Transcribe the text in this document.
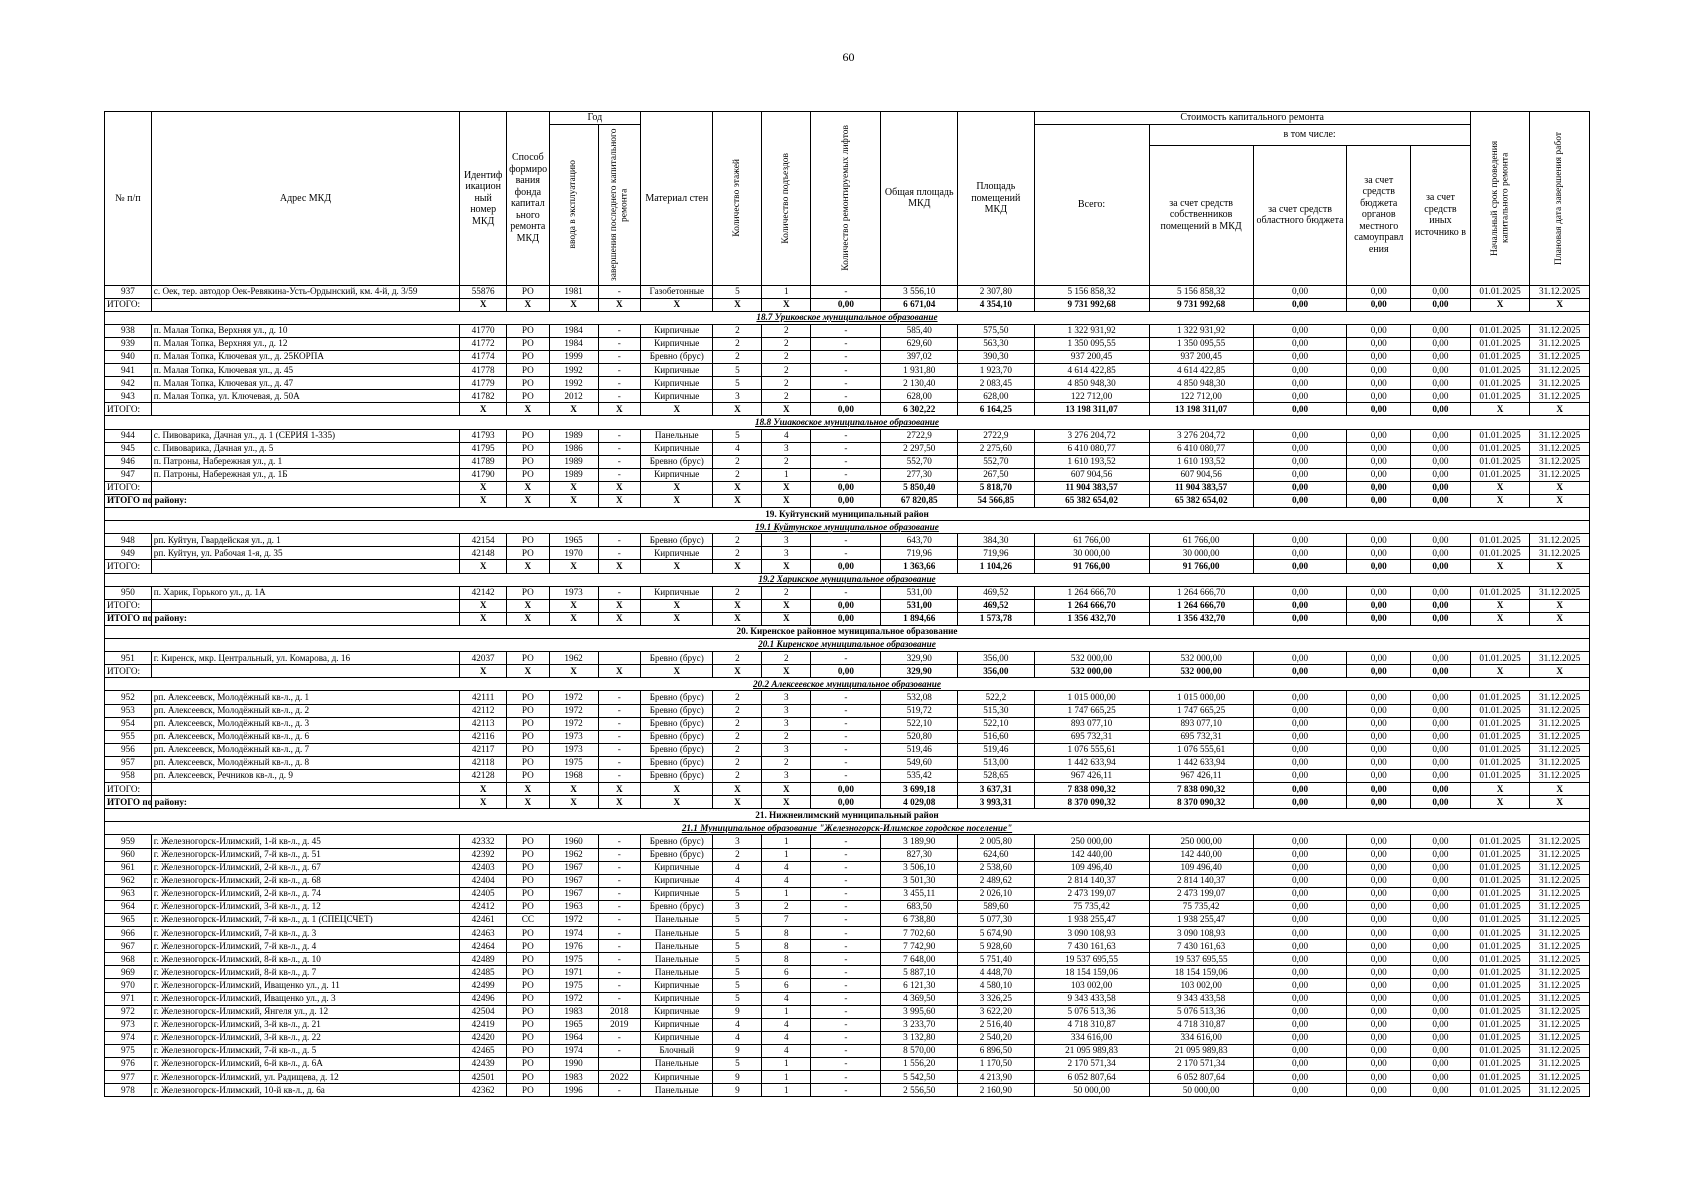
60
№ п/п	Адрес МКД	Идентиф икацион ный номер МКД	Способ формиро вания фонда капитал ьного ремонта МКД	Год		Материал стен	Количество этажей	Количество подъездов	Количество ремонтируемых лифтов	Общая площадь МКД	Площадь помещений МКД	Стоимость капитального ремонта					Начальный срок проведения капитального ремонта	Плановая дата завершения работ

				ввода в эксплуатацию	завершения последнего капитального ремонта							Всего:	в том числе:					
													за счет средств собственников помещений в МКД	за счет средств областного бюджета	за счет средств бюджета органов местного самоуправл ения	за счет средств иных источнико в		
937	с. Оек, тер. автодор Оек-Ревякина-Усть-Ордынский, км. 4-й, д. 3/59	55876	РО	1981	-	Газобетонные	5	1	-	3 556,10	2 307,80	5 156 858,32	5 156 858,32	0,00	0,00	0,00	01.01.2025	31.12.2025
ИТОГО:		X	X	X	X	X	X	X	0,00	6 671,04	4 354,10	9 731 992,68	9 731 992,68	0,00	0,00	0,00	X	X
18.7 Уриковское муниципальное образование																		
938	п. Малая Топка, Верхняя ул., д. 10	41770	РО	1984	-	Кирпичные	2	2	-	585,40	575,50	1 322 931,92	1 322 931,92	0,00	0,00	0,00	01.01.2025	31.12.2025
939	п. Малая Топка, Верхняя ул., д. 12	41772	РО	1984	-	Кирпичные	2	2	-	629,60	563,30	1 350 095,55	1 350 095,55	0,00	0,00	0,00	01.01.2025	31.12.2025
940	п. Малая Топка, Ключевая ул., д. 25КОРПА	41774	РО	1999	-	Бревно (брус)	2	2	-	397,02	390,30	937 200,45	937 200,45	0,00	0,00	0,00	01.01.2025	31.12.2025
941	п. Малая Топка, Ключевая ул., д. 45	41778	РО	1992	-	Кирпичные	5	2	-	1 931,80	1 923,70	4 614 422,85	4 614 422,85	0,00	0,00	0,00	01.01.2025	31.12.2025
942	п. Малая Топка, Ключевая ул., д. 47	41779	РО	1992	-	Кирпичные	5	2	-	2 130,40	2 083,45	4 850 948,30	4 850 948,30	0,00	0,00	0,00	01.01.2025	31.12.2025
943	п. Малая Топка, ул. Ключевая, д. 50А	41782	РО	2012	-	Кирпичные	3	2	-	628,00	628,00	122 712,00	122 712,00	0,00	0,00	0,00	01.01.2025	31.12.2025
ИТОГО:		X	X	X	X	X	X	X	0,00	6 302,22	6 164,25	13 198 311,07	13 198 311,07	0,00	0,00	0,00	X	X
18.8 Ушаковское муниципальное образование																		
944	с. Пивоварика, Дачная ул., д. 1 (СЕРИЯ 1-335)	41793	РО	1989	-	Панельные	5	4	-	2722,9	2722,9	3 276 204,72	3 276 204,72	0,00	0,00	0,00	01.01.2025	31.12.2025
945	с. Пивоварика, Дачная ул., д. 5	41795	РО	1986	-	Кирпичные	4	3	-	2 297,50	2 275,60	6 410 080,77	6 410 080,77	0,00	0,00	0,00	01.01.2025	31.12.2025
946	п. Патроны, Набережная ул., д. 1	41789	РО	1989	-	Бревно (брус)	2	2	-	552,70	552,70	1 610 193,52	1 610 193,52	0,00	0,00	0,00	01.01.2025	31.12.2025
947	п. Патроны, Набережная ул., д. 1Б	41790	РО	1989	-	Кирпичные	2	1	-	277,30	267,50	607 904,56	607 904,56	0,00	0,00	0,00	01.01.2025	31.12.2025
ИТОГО:		X	X	X	X	X	X	X	0,00	5 850,40	5 818,70	11 904 383,57	11 904 383,57	0,00	0,00	0,00	X	X
ИТОГО по району:		X	X	X	X	X	X	X	0,00	67 820,85	54 566,85	65 382 654,02	65 382 654,02	0,00	0,00	0,00	X	X
19. Куйтунский муниципальный район																		
19.1 Куйтунское муниципальное образование																		
948	рп. Куйтун, Гвардейская ул., д. 1	42154	РО	1965	-	Бревно (брус)	2	3	-	643,70	384,30	61 766,00	61 766,00	0,00	0,00	0,00	01.01.2025	31.12.2025
949	рп. Куйтун, ул. Рабочая 1-я, д. 35	42148	РО	1970	-	Кирпичные	2	3	-	719,96	719,96	30 000,00	30 000,00	0,00	0,00	0,00	01.01.2025	31.12.2025
ИТОГО:		X	X	X	X	X	X	X	0,00	1 363,66	1 104,26	91 766,00	91 766,00	0,00	0,00	0,00	X	X
19.2 Харикское муниципальное образование																		
950	п. Харик, Горького ул., д. 1А	42142	РО	1973	-	Кирпичные	2	2	-	531,00	469,52	1 264 666,70	1 264 666,70	0,00	0,00	0,00	01.01.2025	31.12.2025
ИТОГО:		X	X	X	X	X	X	X	0,00	531,00	469,52	1 264 666,70	1 264 666,70	0,00	0,00	0,00	X	X
ИТОГО по району:		X	X	X	X	X	X	X	0,00	1 894,66	1 573,78	1 356 432,70	1 356 432,70	0,00	0,00	0,00	X	X
20. Киренское районное муниципальное образование																		
20.1 Киренское муниципальное образование																		
951	г. Киренск, мкр. Центральный, ул. Комарова, д. 16	42037	РО	1962		Бревно (брус)	2	2	-	329,90	356,00	532 000,00	532 000,00	0,00	0,00	0,00	01.01.2025	31.12.2025
ИТОГО:		X	X	X	X	X	X	X	0,00	329,90	356,00	532 000,00	532 000,00	0,00	0,00	0,00	X	X
20.2 Алексеевское муниципальное образование																		
952	рп. Алексеевск, Молодёжный кв-л., д. 1	42111	РО	1972	-	Бревно (брус)	2	3	-	532,08	522,2	1 015 000,00	1 015 000,00	0,00	0,00	0,00	01.01.2025	31.12.2025
953	рп. Алексеевск, Молодёжный кв-л., д. 2	42112	РО	1972	-	Бревно (брус)	2	3	-	519,72	515,30	1 747 665,25	1 747 665,25	0,00	0,00	0,00	01.01.2025	31.12.2025
954	рп. Алексеевск, Молодёжный кв-л., д. 3	42113	РО	1972	-	Бревно (брус)	2	3	-	522,10	522,10	893 077,10	893 077,10	0,00	0,00	0,00	01.01.2025	31.12.2025
955	рп. Алексеевск, Молодёжный кв-л., д. 6	42116	РО	1973	-	Бревно (брус)	2	2	-	520,80	516,60	695 732,31	695 732,31	0,00	0,00	0,00	01.01.2025	31.12.2025
956	рп. Алексеевск, Молодёжный кв-л., д. 7	42117	РО	1973	-	Бревно (брус)	2	3	-	519,46	519,46	1 076 555,61	1 076 555,61	0,00	0,00	0,00	01.01.2025	31.12.2025
957	рп. Алексеевск, Молодёжный кв-л., д. 8	42118	РО	1975	-	Бревно (брус)	2	2	-	549,60	513,00	1 442 633,94	1 442 633,94	0,00	0,00	0,00	01.01.2025	31.12.2025
958	рп. Алексеевск, Речников кв-л., д. 9	42128	РО	1968	-	Бревно (брус)	2	3	-	535,42	528,65	967 426,11	967 426,11	0,00	0,00	0,00	01.01.2025	31.12.2025
ИТОГО:		X	X	X	X	X	X	X	0,00	3 699,18	3 637,31	7 838 090,32	7 838 090,32	0,00	0,00	0,00	X	X
ИТОГО по району:		X	X	X	X	X	X	X	0,00	4 029,08	3 993,31	8 370 090,32	8 370 090,32	0,00	0,00	0,00	X	X
21. Нижнеилимский муниципальный район																		
21.1 Муниципальное образование "Железногорск-Илимское городское поселение"																		
959	г. Железногорск-Илимский, 1-й кв-л., д. 45	42332	РО	1960	-	Бревно (брус)	3	1	-	3 189,90	2 005,80	250 000,00	250 000,00	0,00	0,00	0,00	01.01.2025	31.12.2025
960	г. Железногорск-Илимский, 7-й кв-л., д. 51	42392	РО	1962	-	Бревно (брус)	2	1	-	827,30	624,60	142 440,00	142 440,00	0,00	0,00	0,00	01.01.2025	31.12.2025
961	г. Железногорск-Илимский, 2-й кв-л., д. 67	42403	РО	1967	-	Кирпичные	4	4	-	3 506,10	2 538,60	109 496,40	109 496,40	0,00	0,00	0,00	01.01.2025	31.12.2025
962	г. Железногорск-Илимский, 2-й кв-л., д. 68	42404	РО	1967	-	Кирпичные	4	4	-	3 501,30	2 489,62	2 814 140,37	2 814 140,37	0,00	0,00	0,00	01.01.2025	31.12.2025
963	г. Железногорск-Илимский, 2-й кв-л., д. 74	42405	РО	1967	-	Кирпичные	5	1	-	3 455,11	2 026,10	2 473 199,07	2 473 199,07	0,00	0,00	0,00	01.01.2025	31.12.2025
964	г. Железногорск-Илимский, 3-й кв-л., д. 12	42412	РО	1963	-	Бревно (брус)	3	2	-	683,50	589,60	75 735,42	75 735,42	0,00	0,00	0,00	01.01.2025	31.12.2025
965	г. Железногорск-Илимский, 7-й кв-л., д. 1 (СПЕЦСЧЕТ)	42461	СС	1972	-	Панельные	5	7	-	6 738,80	5 077,30	1 938 255,47	1 938 255,47	0,00	0,00	0,00	01.01.2025	31.12.2025
966	г. Железногорск-Илимский, 7-й кв-л., д. 3	42463	РО	1974	-	Панельные	5	8	-	7 702,60	5 674,90	3 090 108,93	3 090 108,93	0,00	0,00	0,00	01.01.2025	31.12.2025
967	г. Железногорск-Илимский, 7-й кв-л., д. 4	42464	РО	1976	-	Панельные	5	8	-	7 742,90	5 928,60	7 430 161,63	7 430 161,63	0,00	0,00	0,00	01.01.2025	31.12.2025
968	г. Железногорск-Илимский, 8-й кв-л., д. 10	42489	РО	1975	-	Панельные	5	8	-	7 648,00	5 751,40	19 537 695,55	19 537 695,55	0,00	0,00	0,00	01.01.2025	31.12.2025
969	г. Железногорск-Илимский, 8-й кв-л., д. 7	42485	РО	1971	-	Панельные	5	6	-	5 887,10	4 448,70	18 154 159,06	18 154 159,06	0,00	0,00	0,00	01.01.2025	31.12.2025
970	г. Железногорск-Илимский, Иващенко ул., д. 11	42499	РО	1975	-	Кирпичные	5	6	-	6 121,30	4 580,10	103 002,00	103 002,00	0,00	0,00	0,00	01.01.2025	31.12.2025
971	г. Железногорск-Илимский, Иващенко ул., д. 3	42496	РО	1972	-	Кирпичные	5	4	-	4 369,50	3 326,25	9 343 433,58	9 343 433,58	0,00	0,00	0,00	01.01.2025	31.12.2025
972	г. Железногорск-Илимский, Янгеля ул., д. 12	42504	РО	1983	2018	Кирпичные	9	1	-	3 995,60	3 622,20	5 076 513,36	5 076 513,36	0,00	0,00	0,00	01.01.2025	31.12.2025
973	г. Железногорск-Илимский, 3-й кв-л., д. 21	42419	РО	1965	2019	Кирпичные	4	4	-	3 233,70	2 516,40	4 718 310,87	4 718 310,87	0,00	0,00	0,00	01.01.2025	31.12.2025
974	г. Железногорск-Илимский, 3-й кв-л., д. 22	42420	РО	1964	-	Кирпичные	4	4	-	3 132,80	2 540,20	334 616,00	334 616,00	0,00	0,00	0,00	01.01.2025	31.12.2025
975	г. Железногорск-Илимский, 7-й кв-л., д. 5	42465	РО	1974	-	Блочный	9	4	-	8 570,00	6 896,50	21 095 989,83	21 095 989,83	0,00	0,00	0,00	01.01.2025	31.12.2025
976	г. Железногорск-Илимский, 6-й кв-л., д. 6А	42439	РО	1990		Панельные	5	1	-	1 556,20	1 170,50	2 170 571,34	2 170 571,34	0,00	0,00	0,00	01.01.2025	31.12.2025
977	г. Железногорск-Илимский, ул. Радищева, д. 12	42501	РО	1983	2022	Кирпичные	9	1	-	5 542,50	4 213,90	6 052 807,64	6 052 807,64	0,00	0,00	0,00	01.01.2025	31.12.2025
978	г. Железногорск-Илимский, 10-й кв-л., д. 6а	42362	РО	1996	-	Панельные	9	1	-	2 556,50	2 160,90	50 000,00	50 000,00	0,00	0,00	0,00	01.01.2025	31.12.2025
